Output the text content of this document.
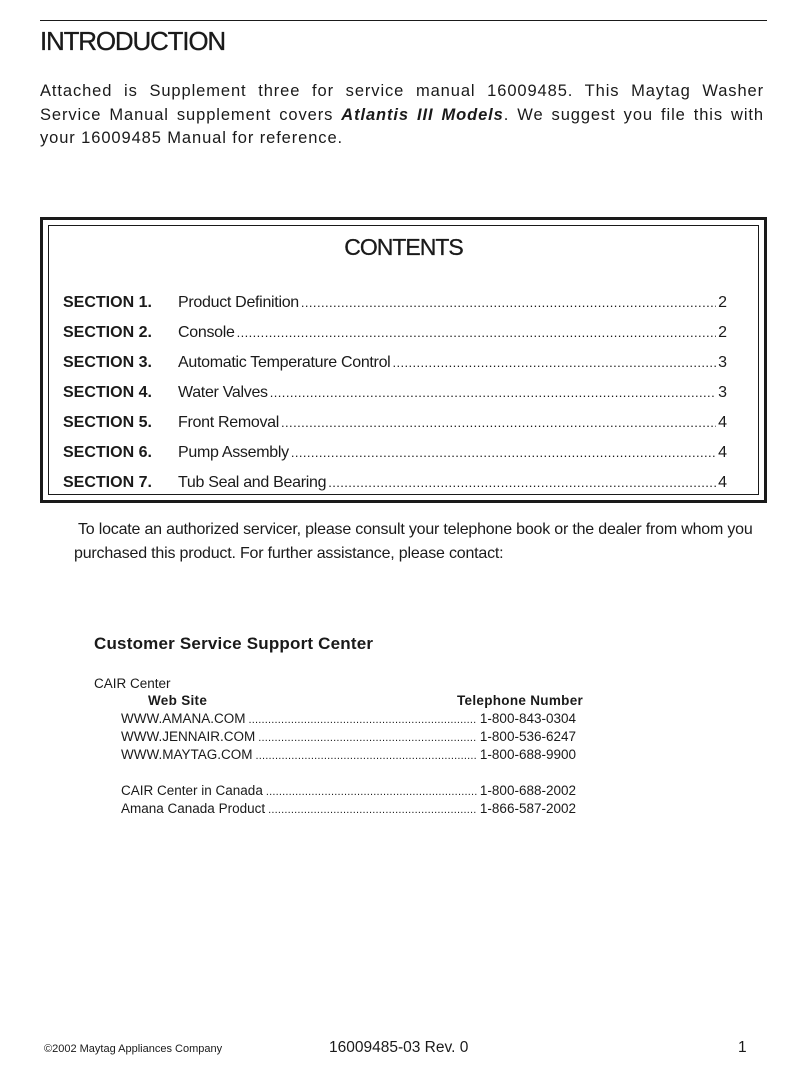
INTRODUCTION

Attached is Supplement three for service manual 16009485. This Maytag Washer Service Manual supplement covers Atlantis III Models. We suggest you file this with your 16009485 Manual for reference.

CONTENTS
SECTION 1.	Product Definition .....	2
SECTION 2.	Console .....	2
SECTION 3.	Automatic Temperature Control .....	3
SECTION 4.	Water Valves .....	3
SECTION 5.	Front Removal .....	4
SECTION 6.	Pump Assembly .....	4
SECTION 7.	Tub Seal and Bearing .....	4

To locate an authorized servicer, please consult your telephone book or the dealer from whom you purchased this product. For further assistance, please contact:

Customer Service Support Center
CAIR Center
Web Site	Telephone Number
WWW.AMANA.COM .....	1-800-843-0304
WWW.JENNAIR.COM .....	1-800-536-6247
WWW.MAYTAG.COM .....	1-800-688-9900
CAIR Center in Canada .....	1-800-688-2002
Amana Canada Product .....	1-866-587-2002
©2002 Maytag Appliances Company	16009485-03 Rev. 0	1
